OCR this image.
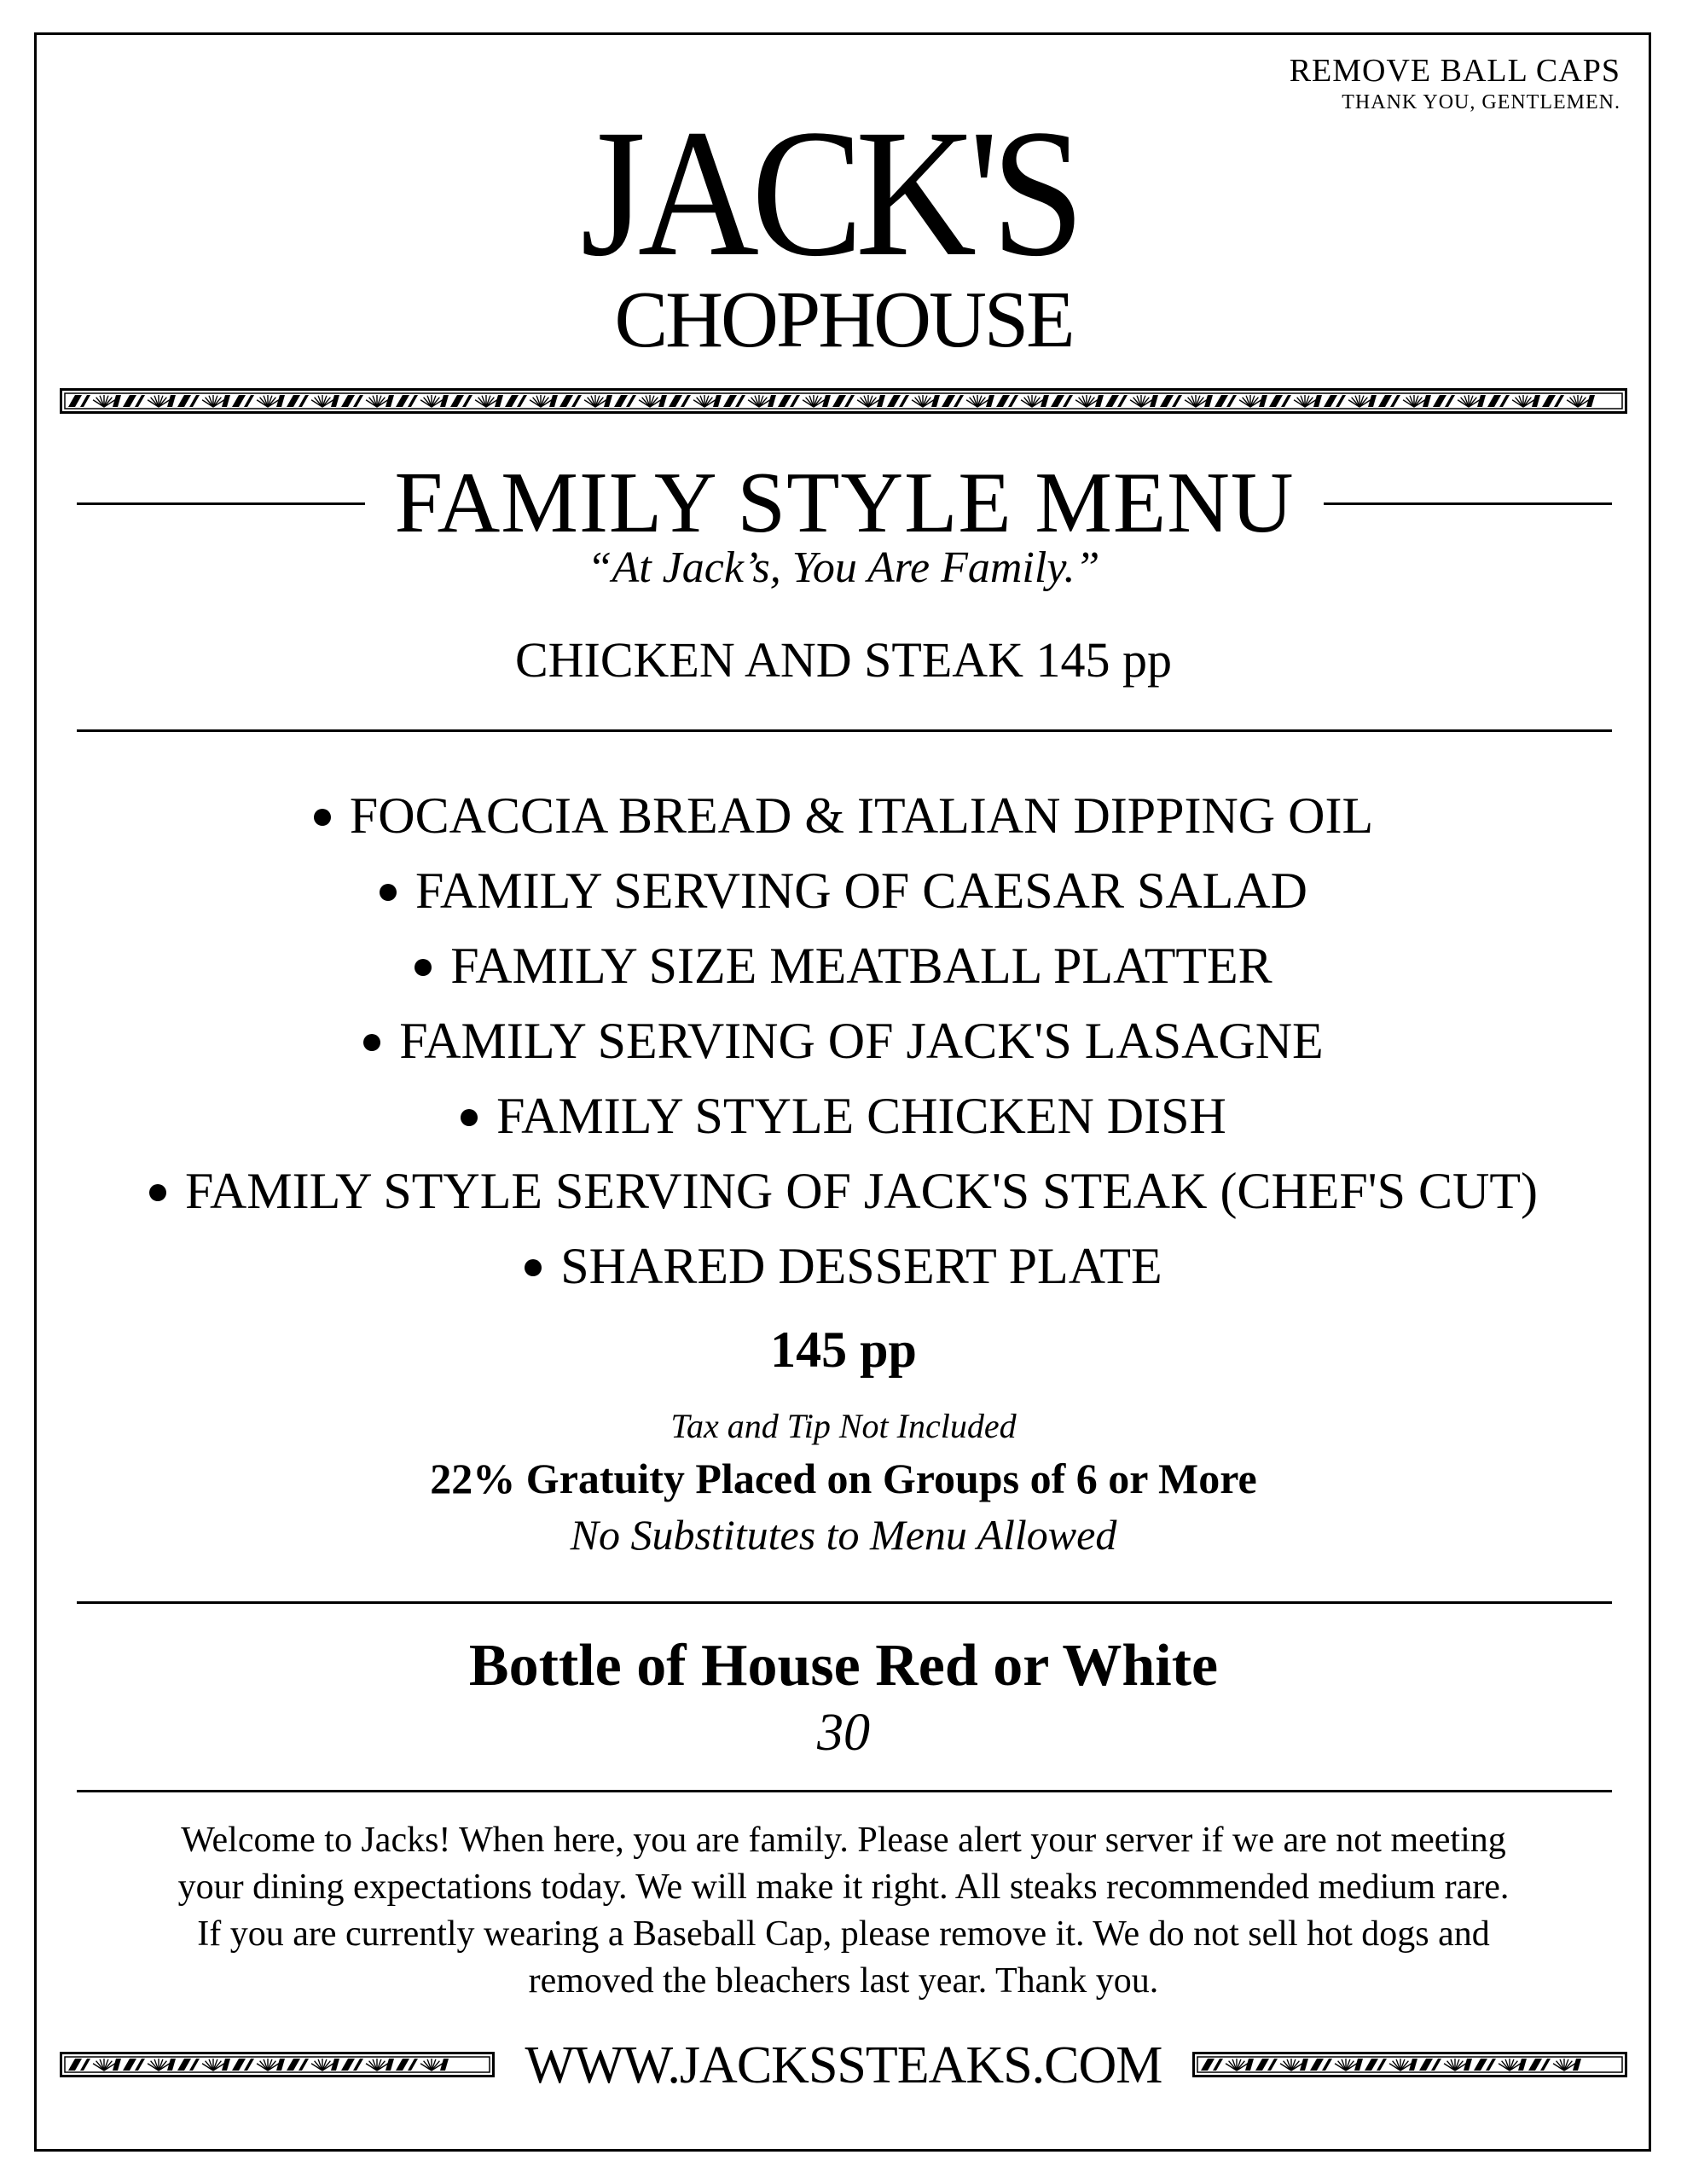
REMOVE BALL CAPS
THANK YOU, GENTLEMEN.
JACK'S
CHOPHOUSE
FAMILY STYLE MENU
“At Jack’s, You Are Family.”
CHICKEN AND STEAK 145 pp
FOCACCIA BREAD & ITALIAN DIPPING OIL
FAMILY SERVING OF CAESAR SALAD
FAMILY SIZE MEATBALL PLATTER
FAMILY SERVING OF JACK'S LASAGNE
FAMILY STYLE CHICKEN DISH
FAMILY STYLE SERVING OF JACK'S STEAK (CHEF'S CUT)
SHARED DESSERT PLATE
145 pp
Tax and Tip Not Included
22% Gratuity Placed on Groups of 6 or More
No Substitutes to Menu Allowed
Bottle of House Red or White
30
Welcome to Jacks! When here, you are family. Please alert your server if we are not meeting
your dining expectations today. We will make it right. All steaks recommended medium rare.
If you are currently wearing a Baseball Cap, please remove it. We do not sell hot dogs and
removed the bleachers last year. Thank you.
WWW.JACKSSTEAKS.COM
